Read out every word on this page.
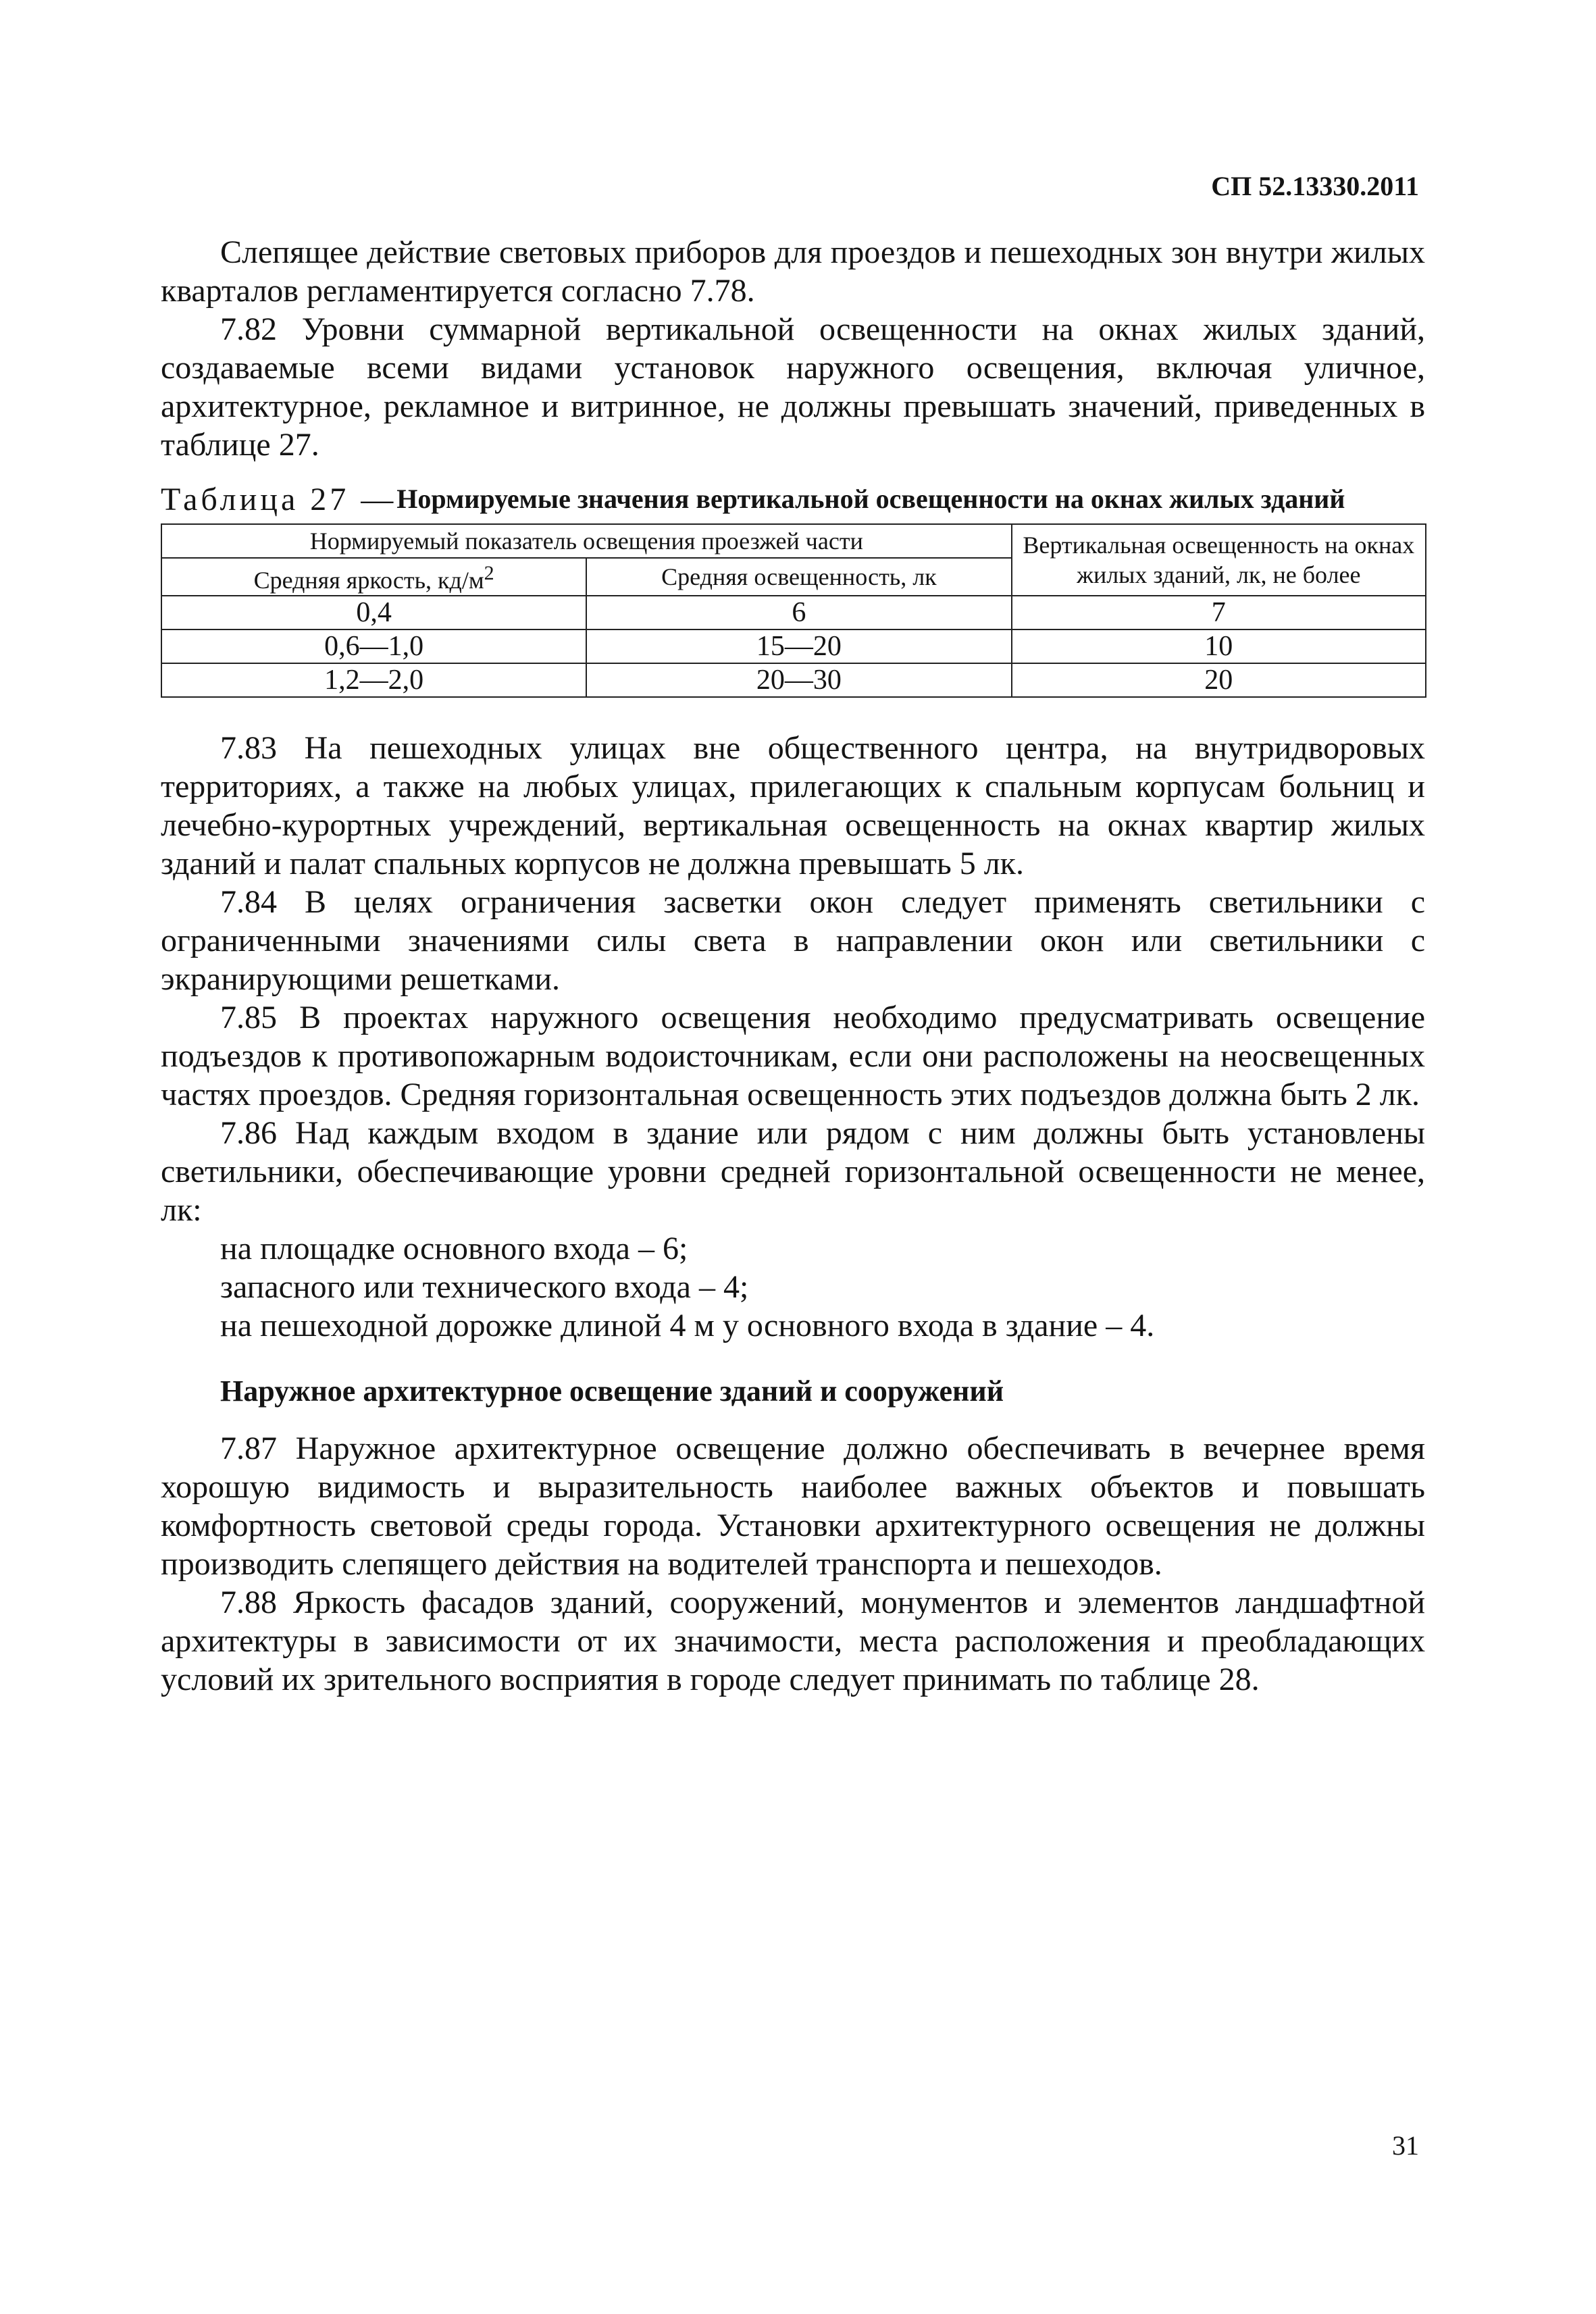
СП 52.13330.2011

Слепящее действие световых приборов для проездов и пешеходных зон внутри жилых кварталов регламентируется согласно 7.78.

7.82 Уровни суммарной вертикальной освещенности на окнах жилых зданий, создаваемые всеми видами установок наружного освещения, включая уличное, архитектурное, рекламное и витринное, не должны превышать значений, приведенных в таблице 27.

Таблица 27 — Нормируемые значения вертикальной освещенности на окнах жилых зданий
Нормируемый показатель освещения проезжей части		Вертикальная освещенность на окнах жилых зданий, лк, не более
Средняя яркость, $кд/м^2$	Средняя освещенность, лк	
0,4	6	7
0,6—1,0	15—20	10
1,2—2,0	20—30	20

7.83 На пешеходных улицах вне общественного центра, на внутридворовых территориях, а также на любых улицах, прилегающих к спальным корпусам больниц и лечебно-курортных учреждений, вертикальная освещенность на окнах квартир жилых зданий и палат спальных корпусов не должна превышать 5 лк.

7.84 В целях ограничения засветки окон следует применять светильники с ограниченными значениями силы света в направлении окон или светильники с экранирующими решетками.

7.85 В проектах наружного освещения необходимо предусматривать освещение подъездов к противопожарным водоисточникам, если они расположены на неосвещенных частях проездов. Средняя горизонтальная освещенность этих подъездов должна быть 2 лк.

7.86 Над каждым входом в здание или рядом с ним должны быть установлены светильники, обеспечивающие уровни средней горизонтальной освещенности не менее, лк:

на площадке основного входа – 6;

запасного или технического входа – 4;

на пешеходной дорожке длиной 4 м у основного входа в здание – 4.

Наружное архитектурное освещение зданий и сооружений

7.87 Наружное архитектурное освещение должно обеспечивать в вечернее время хорошую видимость и выразительность наиболее важных объектов и повышать комфортность световой среды города. Установки архитектурного освещения не должны производить слепящего действия на водителей транспорта и пешеходов.

7.88 Яркость фасадов зданий, сооружений, монументов и элементов ландшафтной архитектуры в зависимости от их значимости, места расположения и преобладающих условий их зрительного восприятия в городе следует принимать по таблице 28.

31
